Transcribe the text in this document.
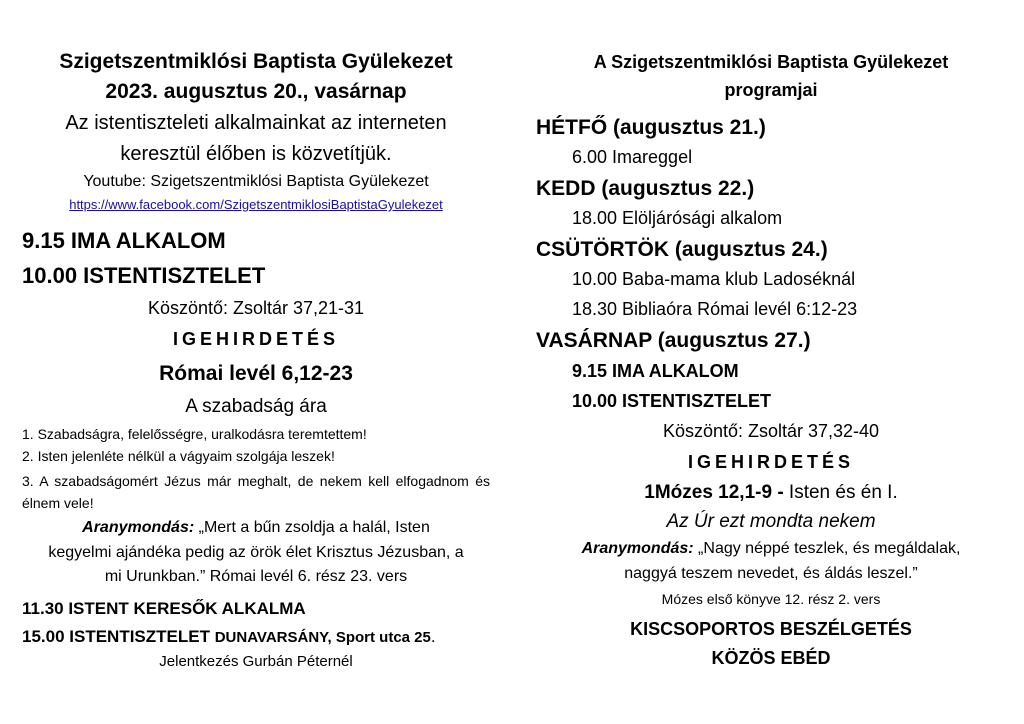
Szigetszentmiklósi Baptista Gyülekezet
2023. augusztus 20., vasárnap
Az istentiszteleti alkalmainkat az interneten
keresztül élőben is közvetítjük.
Youtube: Szigetszentmiklósi Baptista Gyülekezet
https://www.facebook.com/SzigetszentmiklosiBaptistaGyulekezet
9.15 IMA ALKALOM
10.00 ISTENTISZTELET
Köszöntő: Zsoltár 37,21-31
IGEHIRDETÉS
Római levél 6,12-23
A szabadság ára
1. Szabadságra, felelősségre, uralkodásra teremtettem!
2. Isten jelenléte nélkül a vágyaim szolgája leszek!
3. A szabadságomért Jézus már meghalt, de nekem kell elfogadnom és élnem vele!
Aranymondás: „Mert a bűn zsoldja a halál, Isten
kegyelmi ajándéka pedig az örök élet Krisztus Jézusban, a
mi Urunkban.” Római levél 6. rész 23. vers
11.30 ISTENT KERESŐK ALKALMA
15.00 ISTENTISZTELET DUNAVARSÁNY, Sport utca 25.
Jelentkezés Gurbán Péternél
A Szigetszentmiklósi Baptista Gyülekezet
programjai
HÉTFŐ (augusztus 21.)
6.00 Imareggel
KEDD (augusztus 22.)
18.00 Elöljárósági alkalom
CSÜTÖRTÖK (augusztus 24.)
10.00 Baba-mama klub Ladoséknál
18.30 Bibliaóra Római levél 6:12-23
VASÁRNAP (augusztus 27.)
9.15 IMA ALKALOM
10.00 ISTENTISZTELET
Köszöntő: Zsoltár 37,32-40
IGEHIRDETÉS
1Mózes 12,1-9 - Isten és én I.
Az Úr ezt mondta nekem
Aranymondás: „Nagy néppé teszlek, és megáldalak,
naggyá teszem nevedet, és áldás leszel.”
Mózes első könyve 12. rész 2. vers
KISCSOPORTOS BESZÉLGETÉS
KÖZÖS EBÉD
